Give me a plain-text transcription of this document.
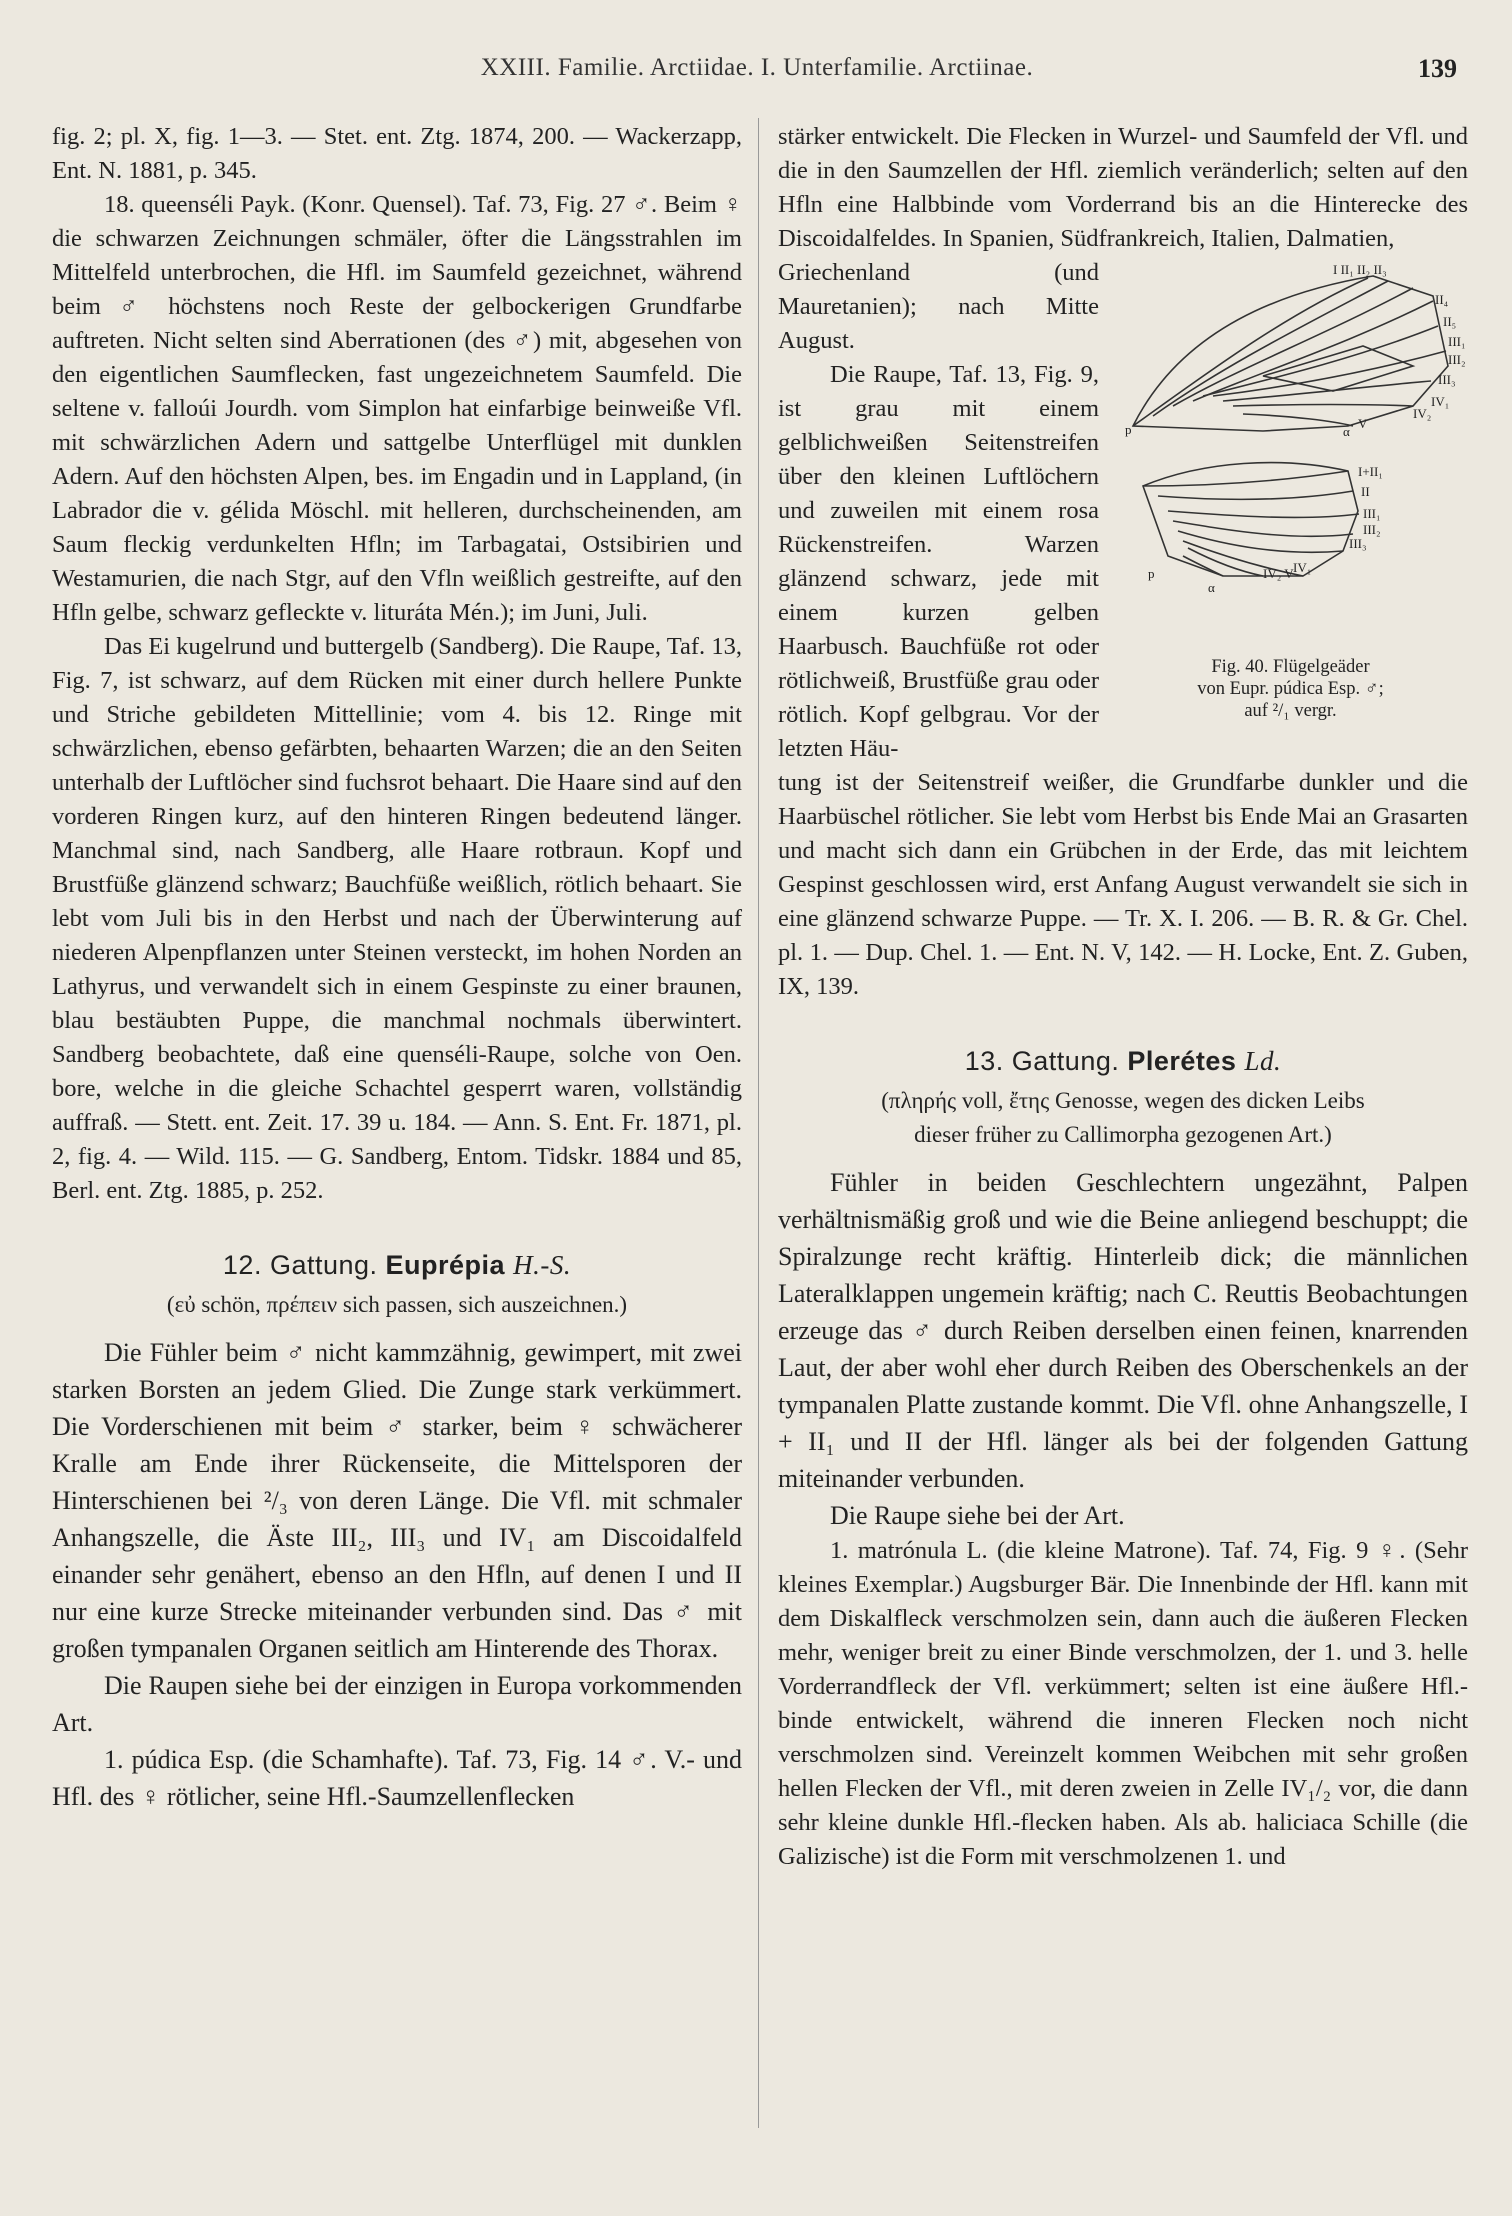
XXIII. Familie. Arctiidae. I. Unterfamilie. Arctiinae.	139

fig. 2; pl. X, fig. 1—3. — Stet. ent. Ztg. 1874, 200. — Wackerzapp, Ent. N. 1881, p. 345.

18. queenséli Payk. (Konr. Quensel). Taf. 73, Fig. 27 ♂. Beim ♀ die schwarzen Zeichnungen schmäler, öfter die Längsstrahlen im Mittelfeld unterbrochen, die Hfl. im Saumfeld gezeichnet, während beim ♂ höchstens noch Reste der gelbockerigen Grundfarbe auftreten. Nicht selten sind Aberrationen (des ♂) mit, abgesehen von den eigentlichen Saumflecken, fast ungezeichnetem Saumfeld. Die seltene v. falloúi Jourdh. vom Simplon hat einfarbige beinweiße Vfl. mit schwärzlichen Adern und sattgelbe Unterflügel mit dunklen Adern. Auf den höchsten Alpen, bes. im Engadin und in Lappland, (in Labrador die v. gélida Möschl. mit helleren, durchscheinenden, am Saum fleckig verdunkelten Hfln; im Tarbagatai, Ostsibirien und Westamurien, die nach Stgr, auf den Vfln weißlich gestreifte, auf den Hfln gelbe, schwarz gefleckte v. lituráta Mén.); im Juni, Juli.

Das Ei kugelrund und buttergelb (Sandberg). Die Raupe, Taf. 13, Fig. 7, ist schwarz, auf dem Rücken mit einer durch hellere Punkte und Striche gebildeten Mittellinie; vom 4. bis 12. Ringe mit schwärzlichen, ebenso gefärbten, behaarten Warzen; die an den Seiten unterhalb der Luftlöcher sind fuchsrot behaart. Die Haare sind auf den vorderen Ringen kurz, auf den hinteren Ringen bedeutend länger. Manchmal sind, nach Sandberg, alle Haare rotbraun. Kopf und Brustfüße glänzend schwarz; Bauchfüße weißlich, rötlich behaart. Sie lebt vom Juli bis in den Herbst und nach der Überwinterung auf niederen Alpenpflanzen unter Steinen versteckt, im hohen Norden an Lathyrus, und verwandelt sich in einem Gespinste zu einer braunen, blau bestäubten Puppe, die manchmal nochmals überwintert. Sandberg beobachtete, daß eine quenséli-Raupe, solche von Oen. bore, welche in die gleiche Schachtel gesperrt waren, vollständig auffraß. — Stett. ent. Zeit. 17. 39 u. 184. — Ann. S. Ent. Fr. 1871, pl. 2, fig. 4. — Wild. 115. — G. Sandberg, Entom. Tidskr. 1884 und 85, Berl. ent. Ztg. 1885, p. 252.

12. Gattung. Euprépia H.-S.
(εὐ schön, πρέπειν sich passen, sich auszeichnen.)

Die Fühler beim ♂ nicht kammzähnig, gewimpert, mit zwei starken Borsten an jedem Glied. Die Zunge stark verkümmert. Die Vorderschienen mit beim ♂ starker, beim ♀ schwächerer Kralle am Ende ihrer Rückenseite, die Mittelsporen der Hinterschienen bei ²/₃ von deren Länge. Die Vfl. mit schmaler Anhangszelle, die Äste III₂, III₃ und IV₁ am Discoidalfeld einander sehr genähert, ebenso an den Hfln, auf denen I und II nur eine kurze Strecke miteinander verbunden sind. Das ♂ mit großen tympanalen Organen seitlich am Hinterende des Thorax.

Die Raupen siehe bei der einzigen in Europa vorkommenden Art.

1. púdica Esp. (die Schamhafte). Taf. 73, Fig. 14 ♂. V.- und Hfl. des ♀ rötlicher, seine Hfl.-Saumzellenflecken

stärker entwickelt. Die Flecken in Wurzel- und Saumfeld der Vfl. und die in den Saumzellen der Hfl. ziemlich veränderlich; selten auf den Hfln eine Halbbinde vom Vorderrand bis an die Hinterecke des Discoidalfeldes. In Spanien, Südfrankreich, Italien, Dalmatien,

I II₁ II₂ II₃
II₄
II₅
III₁
III₂
III₃
IV₁
IV₂
V
α
p
I+II₁
II
III₁
III₂
III₃
IV₁
IV₂ V
α
p
Fig. 40. Flügelgeäder
von Eupr. púdica Esp. ♂;
auf ²/₁ vergr.

Griechenland (und Mauretanien); nach Mitte August.

Die Raupe, Taf. 13, Fig. 9, ist grau mit einem gelblichweißen Seitenstreifen über den kleinen Luftlöchern und zuweilen mit einem rosa Rückenstreifen. Warzen glänzend schwarz, jede mit einem kurzen gelben Haarbusch. Bauchfüße rot oder rötlichweiß, Brustfüße grau oder rötlich. Kopf gelbgrau. Vor der letzten Häu-

tung ist der Seitenstreif weißer, die Grundfarbe dunkler und die Haarbüschel rötlicher. Sie lebt vom Herbst bis Ende Mai an Grasarten und macht sich dann ein Grübchen in der Erde, das mit leichtem Gespinst geschlossen wird, erst Anfang August verwandelt sie sich in eine glänzend schwarze Puppe. — Tr. X. I. 206. — B. R. & Gr. Chel. pl. 1. — Dup. Chel. 1. — Ent. N. V, 142. — H. Locke, Ent. Z. Guben, IX, 139.

13. Gattung. Plerétes Ld.
(πληρής voll, ἔτης Genosse, wegen des dicken Leibs
dieser früher zu Callimorpha gezogenen Art.)

Fühler in beiden Geschlechtern ungezähnt, Palpen verhältnismäßig groß und wie die Beine anliegend beschuppt; die Spiralzunge recht kräftig. Hinterleib dick; die männlichen Lateralklappen ungemein kräftig; nach C. Reuttis Beobachtungen erzeuge das ♂ durch Reiben derselben einen feinen, knarrenden Laut, der aber wohl eher durch Reiben des Oberschenkels an der tympanalen Platte zustande kommt. Die Vfl. ohne Anhangszelle, I + II₁ und II der Hfl. länger als bei der folgenden Gattung miteinander verbunden.

Die Raupe siehe bei der Art.

1. matrónula L. (die kleine Matrone). Taf. 74, Fig. 9 ♀. (Sehr kleines Exemplar.) Augsburger Bär. Die Innenbinde der Hfl. kann mit dem Diskalfleck verschmolzen sein, dann auch die äußeren Flecken mehr, weniger breit zu einer Binde verschmolzen, der 1. und 3. helle Vorderrandfleck der Vfl. verkümmert; selten ist eine äußere Hfl.-binde entwickelt, während die inneren Flecken noch nicht verschmolzen sind. Vereinzelt kommen Weibchen mit sehr großen hellen Flecken der Vfl., mit deren zweien in Zelle IV₁/₂ vor, die dann sehr kleine dunkle Hfl.-flecken haben. Als ab. haliciaca Schille (die Galizische) ist die Form mit verschmolzenen 1. und
